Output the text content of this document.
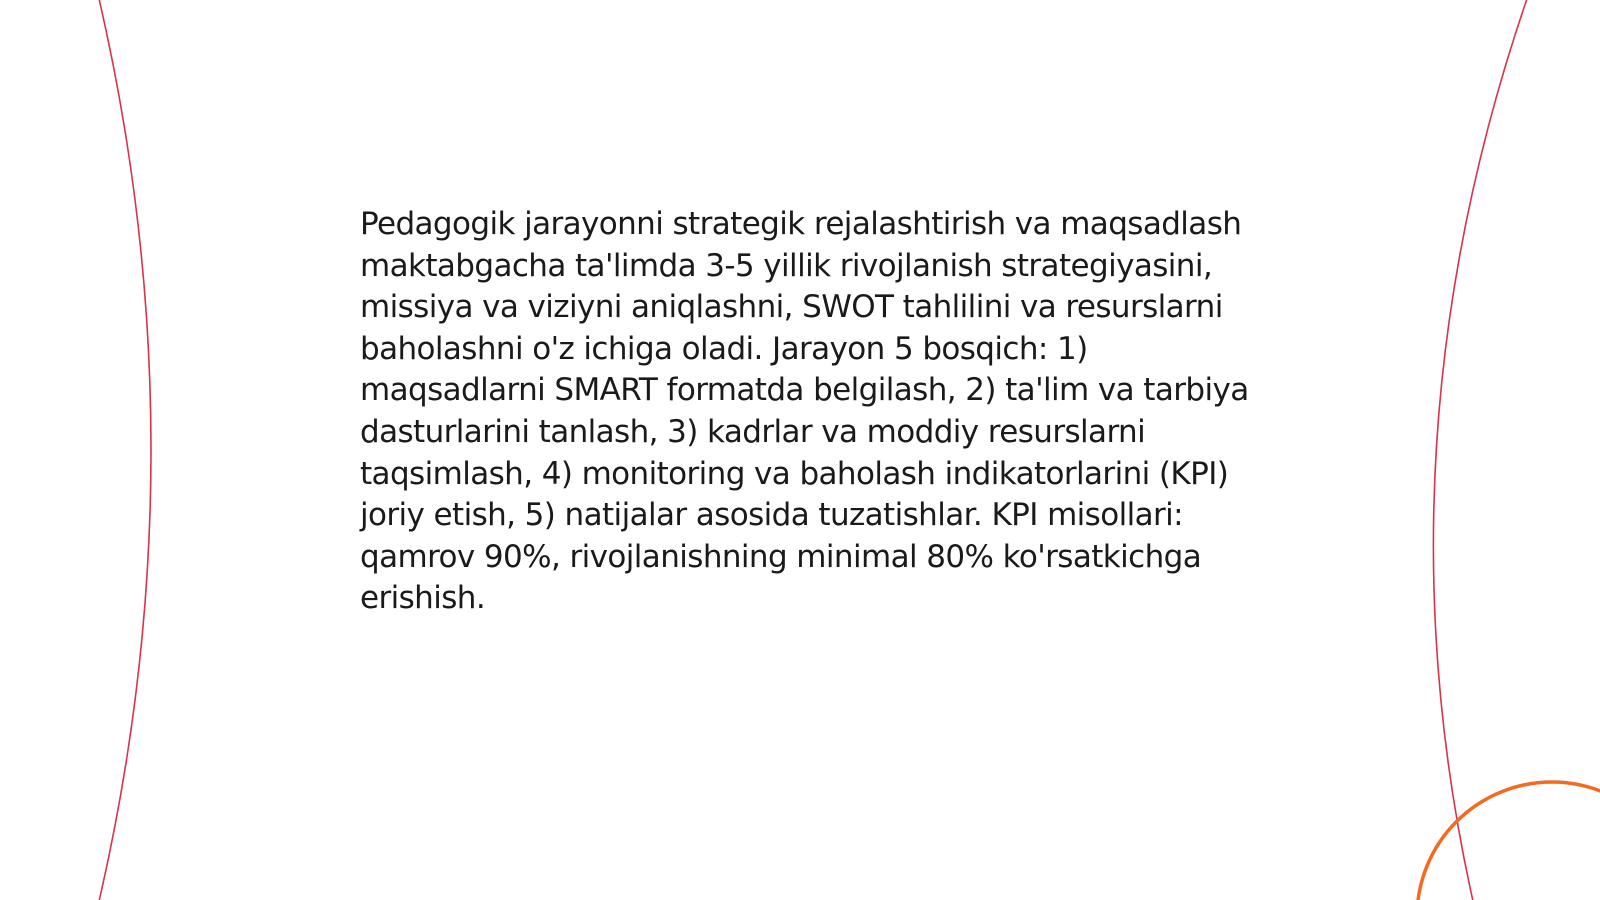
Pedagogik jarayonni strategik rejalashtirish va maqsadlash maktabgacha ta'limda 3-5 yillik rivojlanish strategiyasini, missiya va viziyni aniqlashni, SWOT tahlilini va resurslarni baholashni o'z ichiga oladi. Jarayon 5 bosqich: 1) maqsadlarni SMART formatda belgilash, 2) ta'lim va tarbiya dasturlarini tanlash, 3) kadrlar va moddiy resurslarni taqsimlash, 4) monitoring va baholash indikatorlarini (KPI) joriy etish, 5) natijalar asosida tuzatishlar. KPI misollari: qamrov 90%, rivojlanishning minimal 80% ko'rsatkichga erishish.
